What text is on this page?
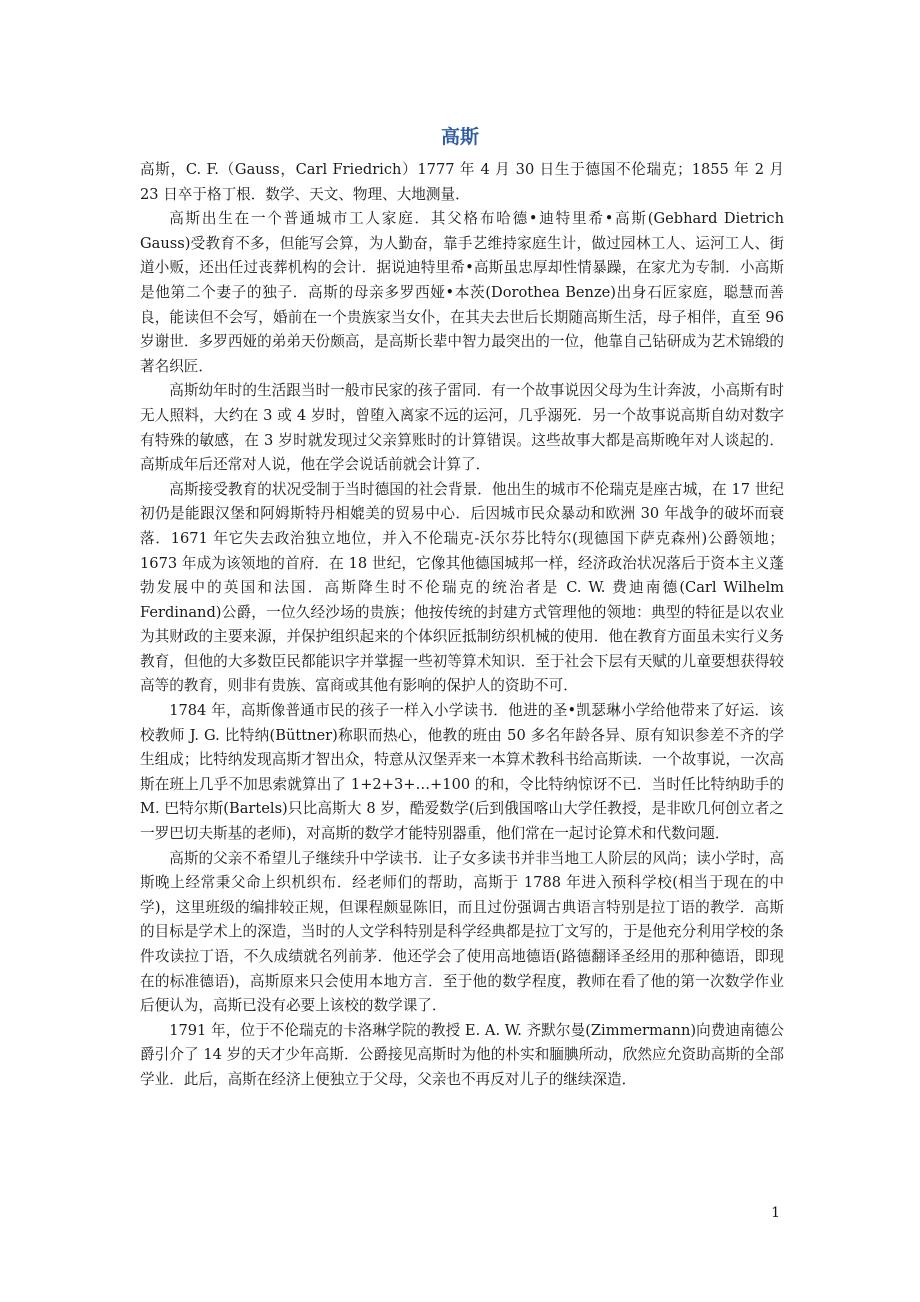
高斯

高斯，C. F.（Gauss，Carl Friedrich）1777 年 4 月 30 日生于德国不伦瑞克；1855 年 2 月 23 日卒于格丁根．数学、天文、物理、大地测量．

高斯出生在一个普通城市工人家庭．其父格布哈德•迪特里希•高斯(Gebhard Dietrich Gauss)受教育不多，但能写会算，为人勤奋，靠手艺维持家庭生计，做过园林工人、运河工人、街道小贩，还出任过丧葬机构的会计．据说迪特里希•高斯虽忠厚却性情暴躁，在家尤为专制．小高斯是他第二个妻子的独子．高斯的母亲多罗西娅•本茨(Dorothea Benze)出身石匠家庭，聪慧而善良，能读但不会写，婚前在一个贵族家当女仆，在其夫去世后长期随高斯生活，母子相伴，直至 96 岁谢世．多罗西娅的弟弟天份颇高，是高斯长辈中智力最突出的一位，他靠自己钻研成为艺术锦缎的著名织匠．

高斯幼年时的生活跟当时一般市民家的孩子雷同．有一个故事说因父母为生计奔波，小高斯有时无人照料，大约在 3 或 4 岁时，曾堕入离家不远的运河，几乎溺死．另一个故事说高斯自幼对数字有特殊的敏感，在 3 岁时就发现过父亲算账时的计算错误。这些故事大都是高斯晚年对人谈起的．高斯成年后还常对人说，他在学会说话前就会计算了．

高斯接受教育的状况受制于当时德国的社会背景．他出生的城市不伦瑞克是座古城，在 17 世纪初仍是能跟汉堡和阿姆斯特丹相媲美的贸易中心．后因城市民众暴动和欧洲 30 年战争的破坏而衰落．1671 年它失去政治独立地位，并入不伦瑞克-沃尔芬比特尔(现德国下萨克森州)公爵领地；1673 年成为该领地的首府．在 18 世纪，它像其他德国城邦一样，经济政治状况落后于资本主义蓬勃发展中的英国和法国．高斯降生时不伦瑞克的统治者是 C. W. 费迪南德(Carl Wilhelm Ferdinand)公爵，一位久经沙场的贵族；他按传统的封建方式管理他的领地：典型的特征是以农业为其财政的主要来源，并保护组织起来的个体织匠抵制纺织机械的使用．他在教育方面虽未实行义务教育，但他的大多数臣民都能识字并掌握一些初等算术知识．至于社会下层有天赋的儿童要想获得较高等的教育，则非有贵族、富商或其他有影响的保护人的资助不可．

1784 年，高斯像普通市民的孩子一样入小学读书．他进的圣•凯瑟琳小学给他带来了好运．该校教师 J. G. 比特纳(Büttner)称职而热心，他教的班由 50 多名年龄各异、原有知识参差不齐的学生组成；比特纳发现高斯才智出众，特意从汉堡弄来一本算术教科书给高斯读．一个故事说，一次高斯在班上几乎不加思索就算出了 1+2+3+…+100 的和，令比特纳惊讶不已．当时任比特纳助手的 M. 巴特尔斯(Bartels)只比高斯大 8 岁，酷爱数学(后到俄国喀山大学任教授，是非欧几何创立者之一罗巴切夫斯基的老师)，对高斯的数学才能特别器重，他们常在一起讨论算术和代数问题．

高斯的父亲不希望儿子继续升中学读书．让子女多读书并非当地工人阶层的风尚；读小学时，高斯晚上经常秉父命上织机织布．经老师们的帮助，高斯于 1788 年进入预科学校(相当于现在的中学)，这里班级的编排较正规，但课程颇显陈旧，而且过份强调古典语言特别是拉丁语的教学．高斯的目标是学术上的深造，当时的人文学科特别是科学经典都是拉丁文写的，于是他充分利用学校的条件攻读拉丁语，不久成绩就名列前茅．他还学会了使用高地德语(路德翻译圣经用的那种德语，即现在的标准德语)，高斯原来只会使用本地方言．至于他的数学程度，教师在看了他的第一次数学作业后便认为，高斯已没有必要上该校的数学课了．

1791 年，位于不伦瑞克的卡洛琳学院的教授 E. A. W. 齐默尔曼(Zimmermann)向费迪南德公爵引介了 14 岁的天才少年高斯．公爵接见高斯时为他的朴实和腼腆所动，欣然应允资助高斯的全部学业．此后，高斯在经济上便独立于父母，父亲也不再反对儿子的继续深造．

1
